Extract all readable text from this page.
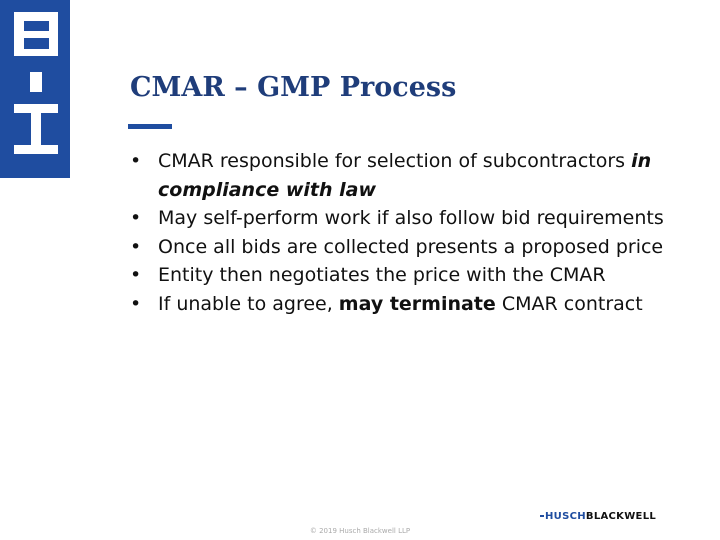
CMAR – GMP Process
• CMAR responsible for selection of subcontractors in compliance with law
• May self-perform work if also follow bid requirements
• Once all bids are collected presents a proposed price
• Entity then negotiates the price with the CMAR
• If unable to agree, may terminate CMAR contract
HUSCHBLACKWELL
© 2019 Husch Blackwell LLP
